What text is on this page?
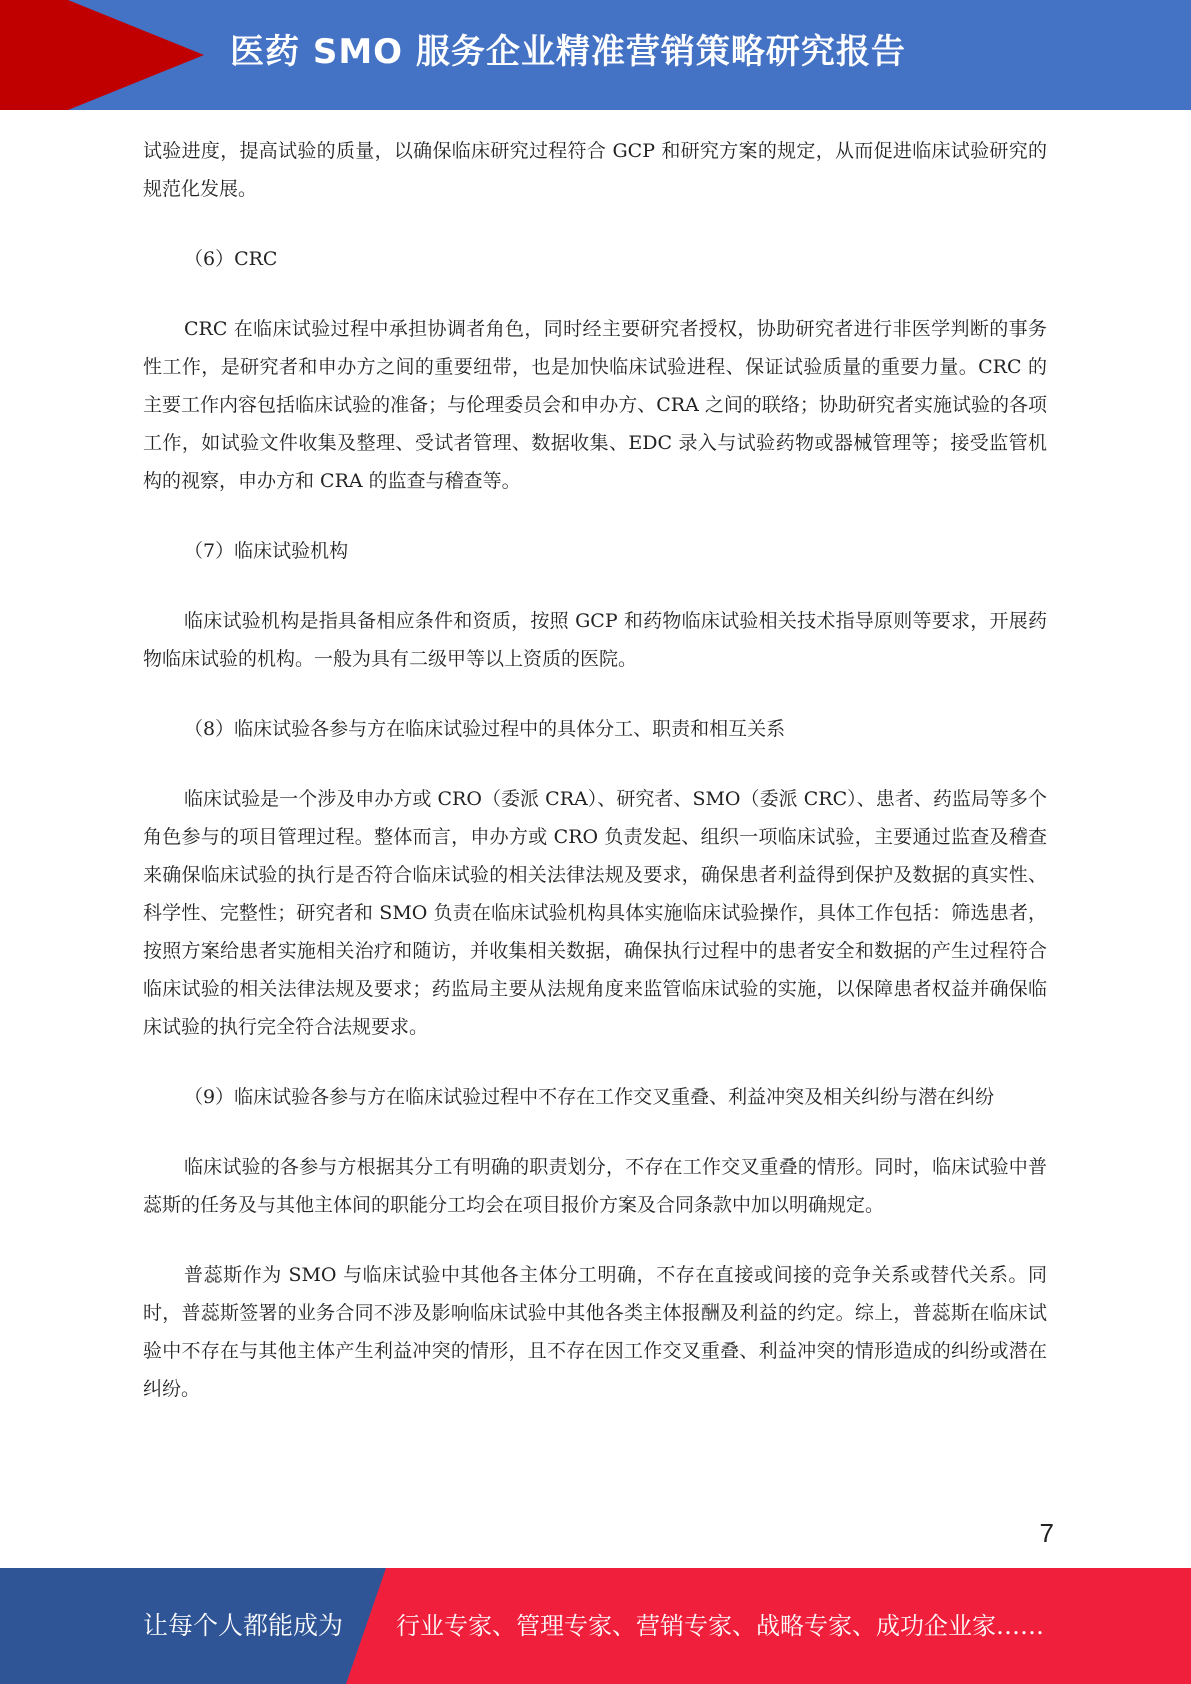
医药 SMO 服务企业精准营销策略研究报告

试验进度，提高试验的质量，以确保临床研究过程符合 GCP 和研究方案的规定，从而促进临床试验研究的规范化发展。

（6）CRC

CRC 在临床试验过程中承担协调者角色，同时经主要研究者授权，协助研究者进行非医学判断的事务性工作，是研究者和申办方之间的重要纽带，也是加快临床试验进程、保证试验质量的重要力量。CRC 的主要工作内容包括临床试验的准备；与伦理委员会和申办方、CRA 之间的联络；协助研究者实施试验的各项工作，如试验文件收集及整理、受试者管理、数据收集、EDC 录入与试验药物或器械管理等；接受监管机构的视察，申办方和 CRA 的监查与稽查等。

（7）临床试验机构

临床试验机构是指具备相应条件和资质，按照 GCP 和药物临床试验相关技术指导原则等要求，开展药物临床试验的机构。一般为具有二级甲等以上资质的医院。

（8）临床试验各参与方在临床试验过程中的具体分工、职责和相互关系

临床试验是一个涉及申办方或 CRO（委派 CRA）、研究者、SMO（委派 CRC）、患者、药监局等多个角色参与的项目管理过程。整体而言，申办方或 CRO 负责发起、组织一项临床试验，主要通过监查及稽查来确保临床试验的执行是否符合临床试验的相关法律法规及要求，确保患者利益得到保护及数据的真实性、科学性、完整性；研究者和 SMO 负责在临床试验机构具体实施临床试验操作，具体工作包括：筛选患者，按照方案给患者实施相关治疗和随访，并收集相关数据，确保执行过程中的患者安全和数据的产生过程符合临床试验的相关法律法规及要求；药监局主要从法规角度来监管临床试验的实施，以保障患者权益并确保临床试验的执行完全符合法规要求。

（9）临床试验各参与方在临床试验过程中不存在工作交叉重叠、利益冲突及相关纠纷与潜在纠纷

临床试验的各参与方根据其分工有明确的职责划分，不存在工作交叉重叠的情形。同时，临床试验中普蕊斯的任务及与其他主体间的职能分工均会在项目报价方案及合同条款中加以明确规定。

普蕊斯作为 SMO 与临床试验中其他各主体分工明确，不存在直接或间接的竞争关系或替代关系。同时，普蕊斯签署的业务合同不涉及影响临床试验中其他各类主体报酬及利益的约定。综上，普蕊斯在临床试验中不存在与其他主体产生利益冲突的情形，且不存在因工作交叉重叠、利益冲突的情形造成的纠纷或潜在纠纷。

7
让每个人都能成为 行业专家、管理专家、营销专家、战略专家、成功企业家……
